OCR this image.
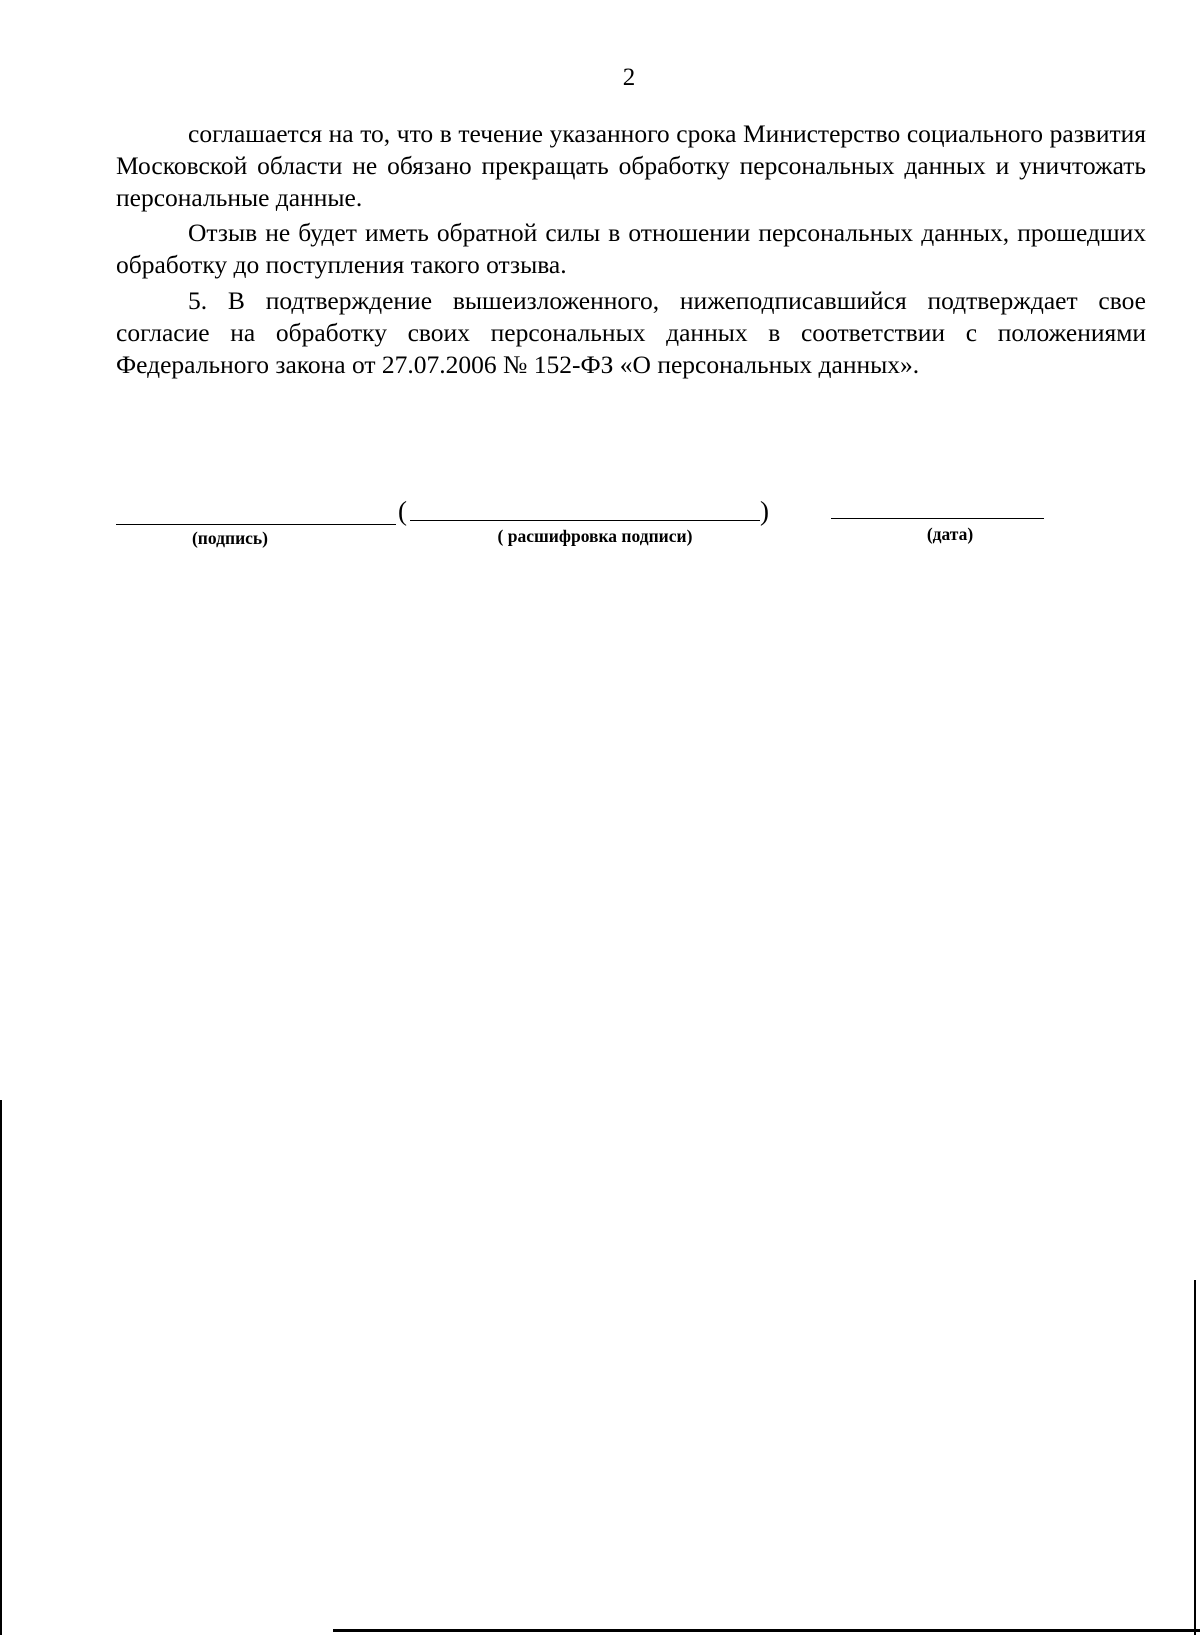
2

соглашается на то, что в течение указанного срока Министерство социального развития Московской области не обязано прекращать обработку персональных данных и уничтожать персональные данные.

Отзыв не будет иметь обратной силы в отношении персональных данных, прошедших обработку до поступления такого отзыва.

5. В подтверждение вышеизложенного, нижеподписавшийся подтверждает свое согласие на обработку своих персональных данных в соответствии с положениями Федерального закона от 27.07.2006 № 152-ФЗ «О персональных данных».

(	)
(подпись)	( расшифровка подписи)	(дата)
